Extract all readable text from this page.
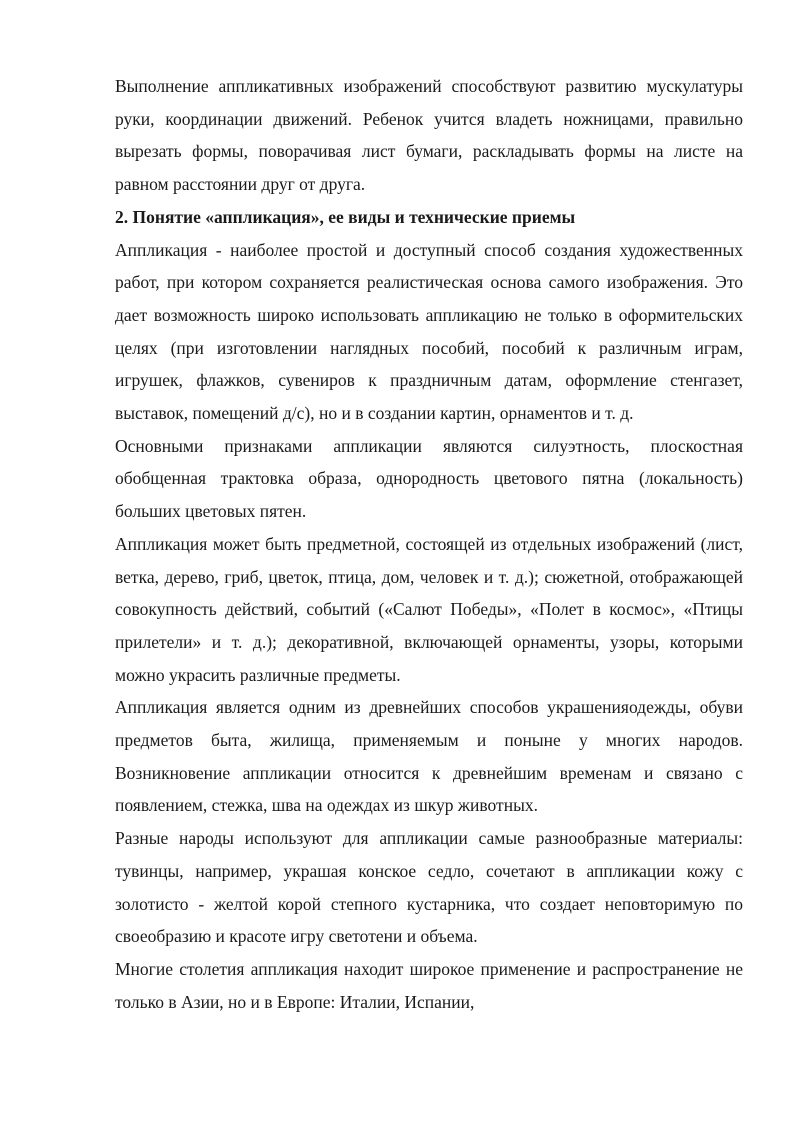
Выполнение аппликативных изображений способствуют развитию мускулатуры руки, координации движений. Ребенок учится владеть ножницами, правильно вырезать формы, поворачивая лист бумаги, раскладывать формы на листе на равном расстоянии друг от друга.

2. Понятие «аппликация», ее виды и технические приемы

Аппликация - наиболее простой и доступный способ создания художественных работ, при котором сохраняется реалистическая основа самого изображения. Это дает возможность широко использовать аппликацию не только в оформительских целях (при изготовлении наглядных пособий, пособий к различным играм, игрушек, флажков, сувениров к праздничным датам, оформление стенгазет, выставок, помещений д/с), но и в создании картин, орнаментов и т. д.

Основными признаками аппликации являются силуэтность, плоскостная обобщенная трактовка образа, однородность цветового пятна (локальность) больших цветовых пятен.

Аппликация может быть предметной, состоящей из отдельных изображений (лист, ветка, дерево, гриб, цветок, птица, дом, человек и т. д.); сюжетной, отображающей совокупность действий, событий («Салют Победы», «Полет в космос», «Птицы прилетели» и т. д.); декоративной, включающей орнаменты, узоры, которыми можно украсить различные предметы.

Аппликация является одним из древнейших способов украшенияодежды, обуви предметов быта, жилища, применяемым и поныне у многих народов. Возникновение аппликации относится к древнейшим временам и связано с появлением, стежка, шва на одеждах из шкур животных.

Разные народы используют для аппликации самые разнообразные материалы: тувинцы, например, украшая конское седло, сочетают в аппликации кожу с золотисто - желтой корой степного кустарника, что создает неповторимую по своеобразию и красоте игру светотени и объема.

Многие столетия аппликация находит широкое применение и распространение не только в Азии, но и в Европе: Италии, Испании,
